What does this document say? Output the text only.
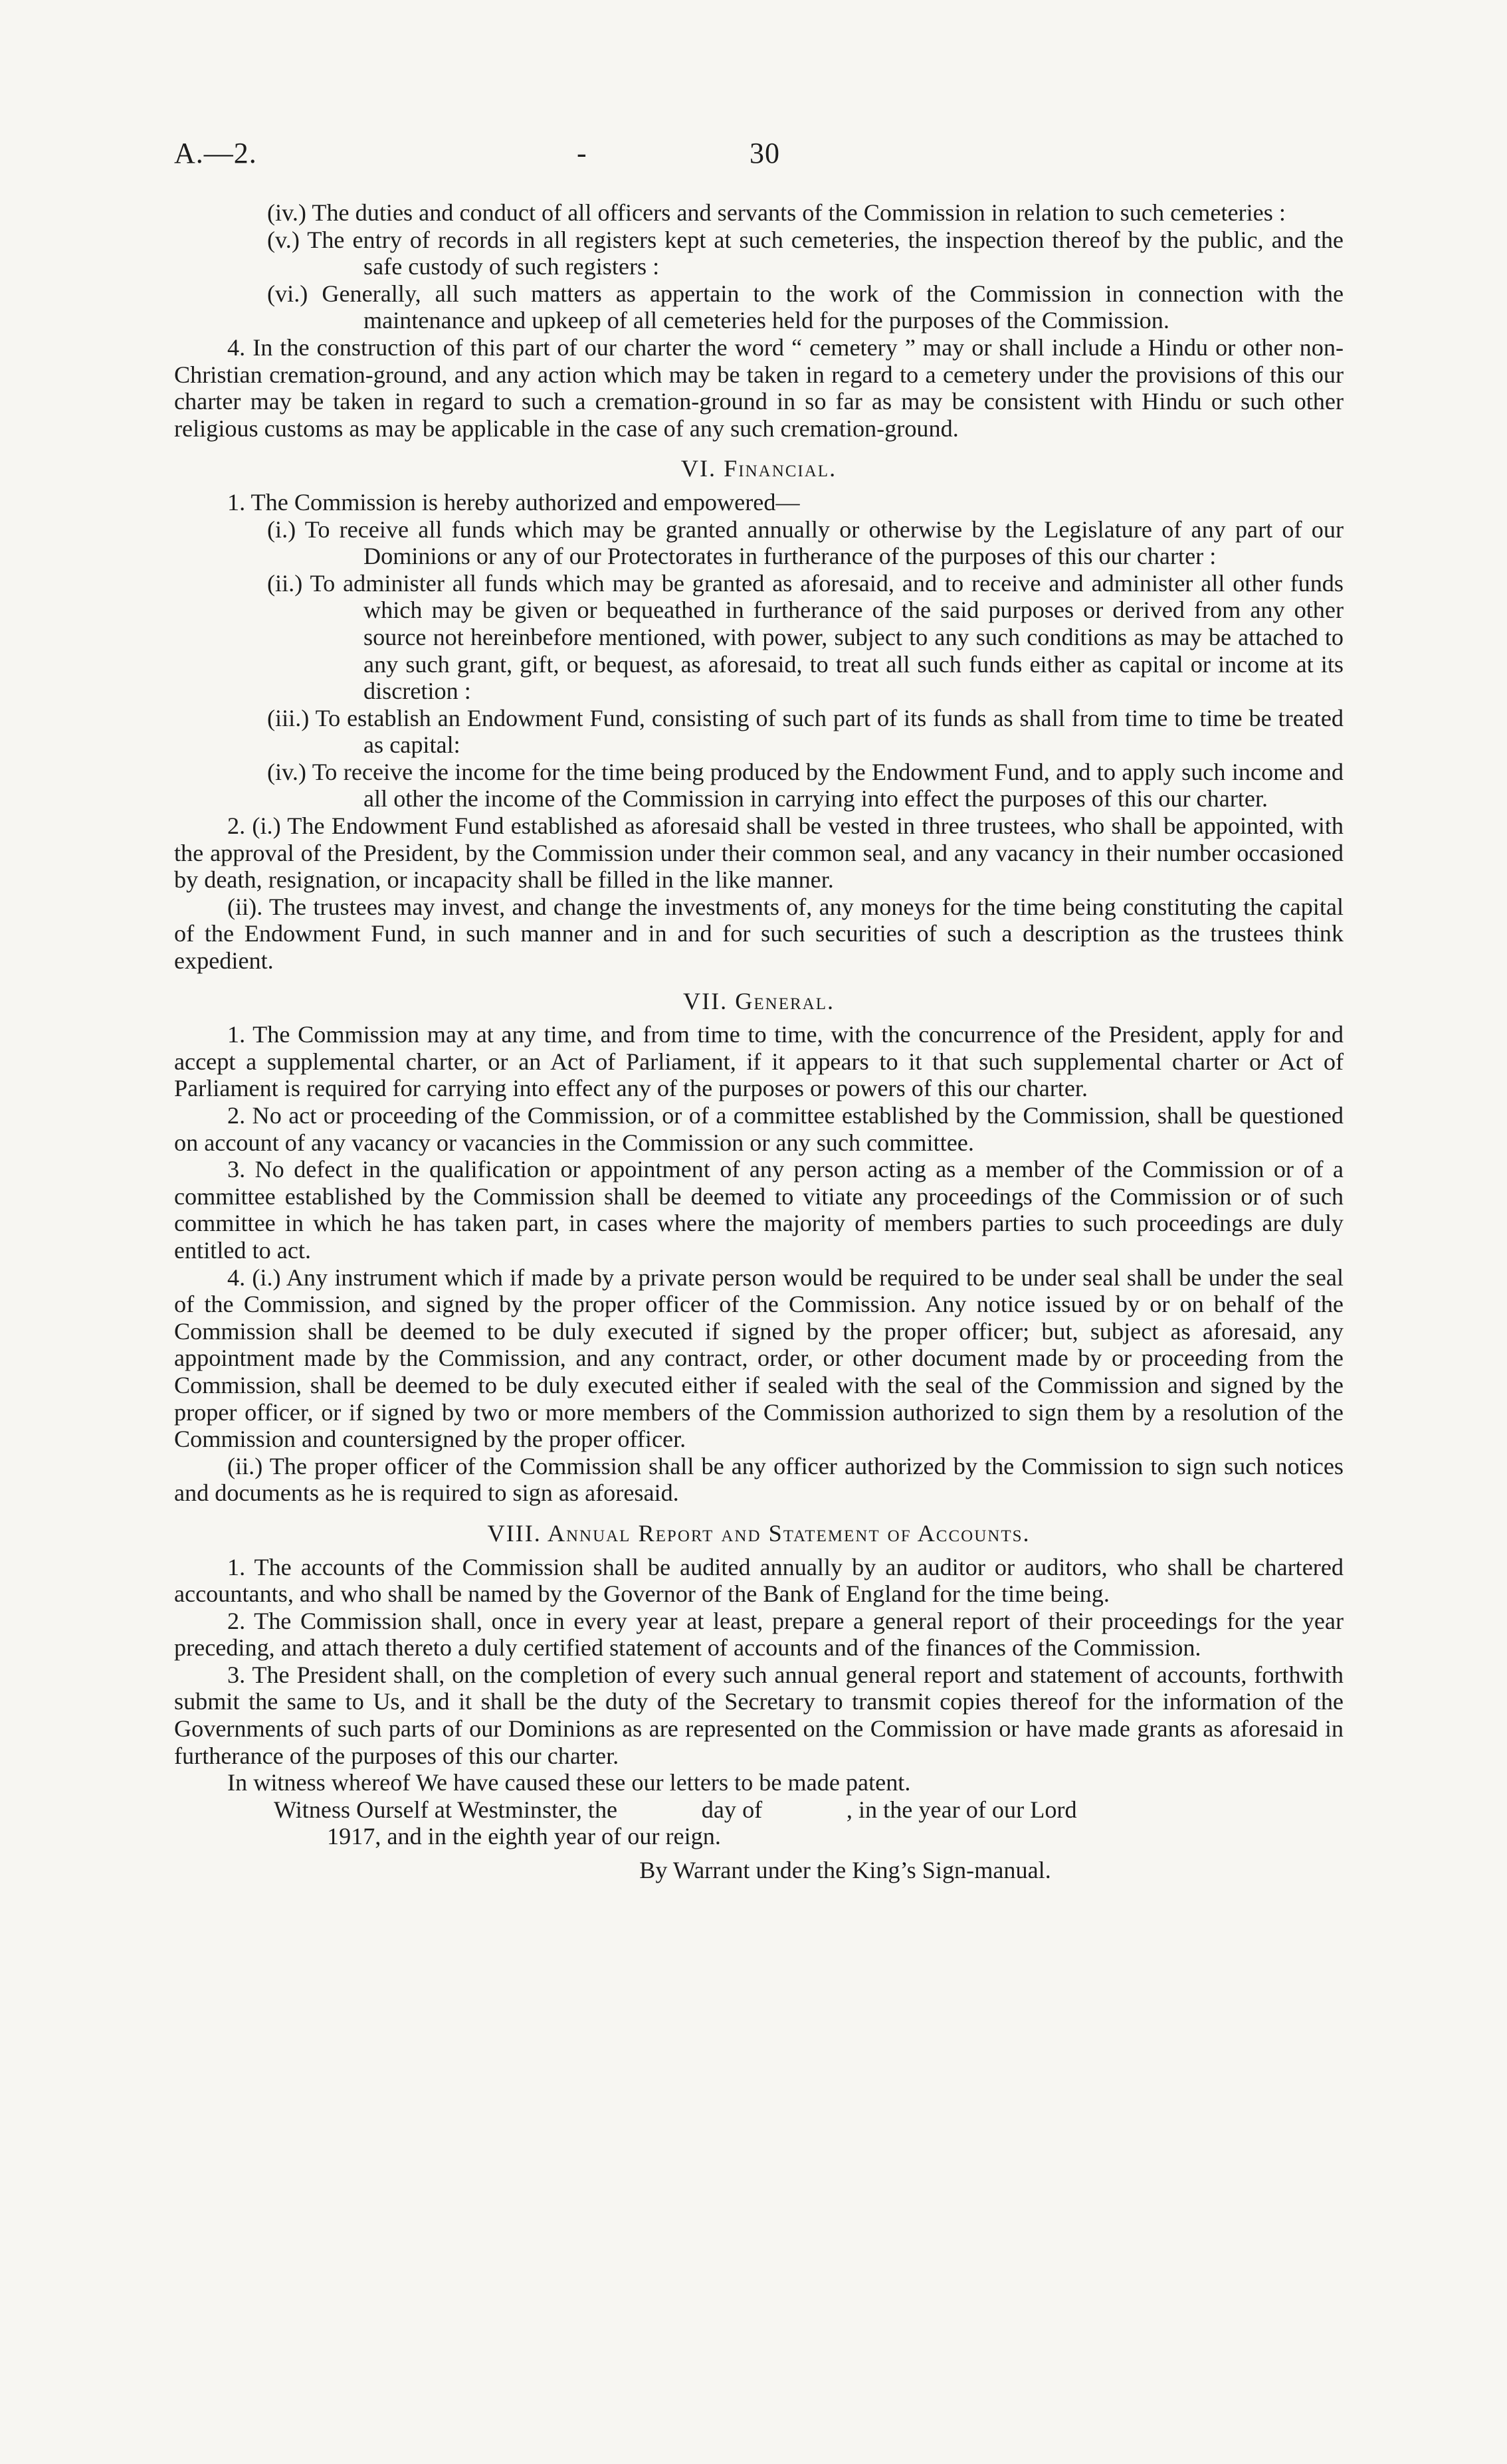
A.—2.	-	30

(iv.) The duties and conduct of all officers and servants of the Commission in relation to such cemeteries :

(v.) The entry of records in all registers kept at such cemeteries, the inspection thereof by the public, and the safe custody of such registers :

(vi.) Generally, all such matters as appertain to the work of the Commission in connection with the maintenance and upkeep of all cemeteries held for the purposes of the Commission.

4. In the construction of this part of our charter the word “ cemetery ” may or shall include a Hindu or other non-Christian cremation-ground, and any action which may be taken in regard to a cemetery under the provisions of this our charter may be taken in regard to such a cremation-ground in so far as may be consistent with Hindu or such other religious customs as may be applicable in the case of any such cremation-ground.

VI. Financial.

1. The Commission is hereby authorized and empowered—

(i.) To receive all funds which may be granted annually or otherwise by the Legislature of any part of our Dominions or any of our Protectorates in furtherance of the purposes of this our charter :

(ii.) To administer all funds which may be granted as aforesaid, and to receive and administer all other funds which may be given or bequeathed in furtherance of the said purposes or derived from any other source not hereinbefore mentioned, with power, subject to any such conditions as may be attached to any such grant, gift, or bequest, as aforesaid, to treat all such funds either as capital or income at its discretion :

(iii.) To establish an Endowment Fund, consisting of such part of its funds as shall from time to time be treated as capital:

(iv.) To receive the income for the time being produced by the Endowment Fund, and to apply such income and all other the income of the Commission in carrying into effect the purposes of this our charter.

2. (i.) The Endowment Fund established as aforesaid shall be vested in three trustees, who shall be appointed, with the approval of the President, by the Commission under their common seal, and any vacancy in their number occasioned by death, resignation, or incapacity shall be filled in the like manner.

(ii). The trustees may invest, and change the investments of, any moneys for the time being constituting the capital of the Endowment Fund, in such manner and in and for such securities of such a description as the trustees think expedient.

VII. General.

1. The Commission may at any time, and from time to time, with the concurrence of the President, apply for and accept a supplemental charter, or an Act of Parliament, if it appears to it that such supplemental charter or Act of Parliament is required for carrying into effect any of the purposes or powers of this our charter.

2. No act or proceeding of the Commission, or of a committee established by the Commission, shall be questioned on account of any vacancy or vacancies in the Commission or any such committee.

3. No defect in the qualification or appointment of any person acting as a member of the Commission or of a committee established by the Commission shall be deemed to vitiate any proceedings of the Commission or of such committee in which he has taken part, in cases where the majority of members parties to such proceedings are duly entitled to act.

4. (i.) Any instrument which if made by a private person would be required to be under seal shall be under the seal of the Commission, and signed by the proper officer of the Commission. Any notice issued by or on behalf of the Commission shall be deemed to be duly executed if signed by the proper officer; but, subject as aforesaid, any appointment made by the Commission, and any contract, order, or other document made by or proceeding from the Commission, shall be deemed to be duly executed either if sealed with the seal of the Commission and signed by the proper officer, or if signed by two or more members of the Commission authorized to sign them by a resolution of the Commission and countersigned by the proper officer.

(ii.) The proper officer of the Commission shall be any officer authorized by the Commission to sign such notices and documents as he is required to sign as aforesaid.

VIII. Annual Report and Statement of Accounts.

1. The accounts of the Commission shall be audited annually by an auditor or auditors, who shall be chartered accountants, and who shall be named by the Governor of the Bank of England for the time being.

2. The Commission shall, once in every year at least, prepare a general report of their proceedings for the year preceding, and attach thereto a duly certified statement of accounts and of the finances of the Commission.

3. The President shall, on the completion of every such annual general report and statement of accounts, forthwith submit the same to Us, and it shall be the duty of the Secretary to transmit copies thereof for the information of the Governments of such parts of our Dominions as are represented on the Commission or have made grants as aforesaid in furtherance of the purposes of this our charter.

In witness whereof We have caused these our letters to be made patent.

Witness Ourself at Westminster, the              day of              , in the year of our Lord

1917, and in the eighth year of our reign.

By Warrant under the King’s Sign-manual.
